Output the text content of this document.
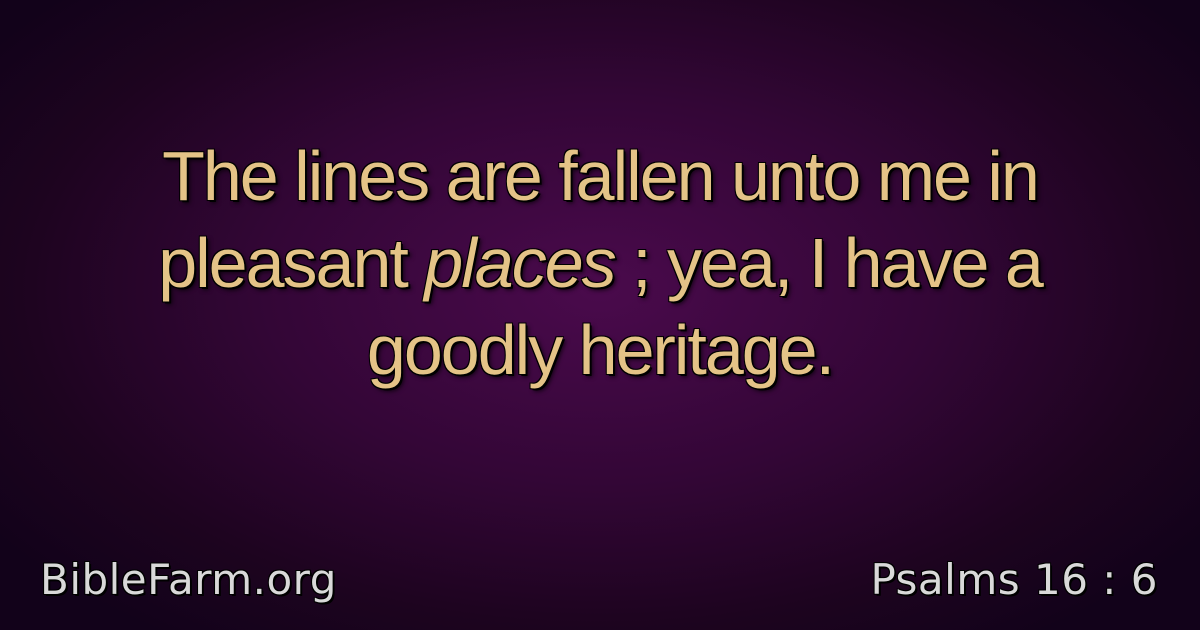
The lines are fallen unto me in
pleasant places ; yea, I have a
goodly heritage.
BibleFarm.org	Psalms 16 : 6
